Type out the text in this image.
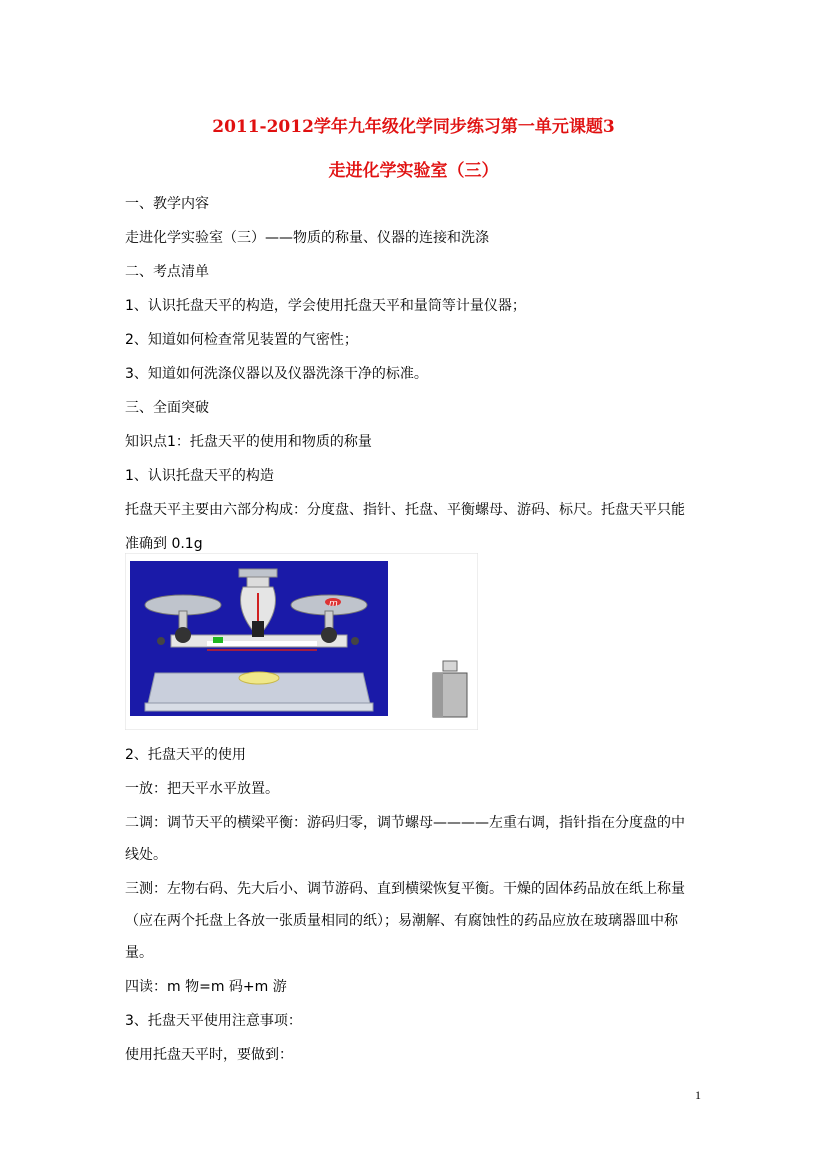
2011-2012学年九年级化学同步练习第一单元课题3
走进化学实验室（三）
一、教学内容
走进化学实验室（三）——物质的称量、仪器的连接和洗涤
二、考点清单
1、认识托盘天平的构造，学会使用托盘天平和量筒等计量仪器；
2、知道如何检查常见装置的气密性；
3、知道如何洗涤仪器以及仪器洗涤干净的标准。
三、全面突破
知识点1：托盘天平的使用和物质的称量
1、认识托盘天平的构造
托盘天平主要由六部分构成：分度盘、指针、托盘、平衡螺母、游码、标尺。托盘天平只能
准确到 0.1g
m
2、托盘天平的使用
一放：把天平水平放置。
二调：调节天平的横梁平衡：游码归零，调节螺母————左重右调，指针指在分度盘的中
线处。
三测：左物右码、先大后小、调节游码、直到横梁恢复平衡。干燥的固体药品放在纸上称量
（应在两个托盘上各放一张质量相同的纸）；易潮解、有腐蚀性的药品应放在玻璃器皿中称
量。
四读：m 物=m 码+m 游
3、托盘天平使用注意事项：
使用托盘天平时，要做到：
1
